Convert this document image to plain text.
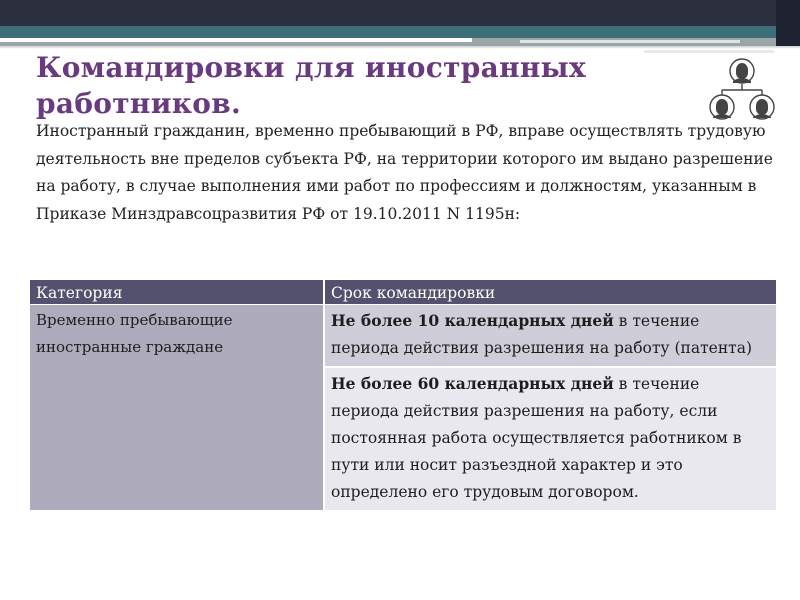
Командировки для иностранных работников.

Иностранный гражданин, временно пребывающий в РФ, вправе осуществлять трудовую деятельность вне пределов субъекта РФ, на территории которого им выдано разрешение на работу, в случае выполнения ими работ по профессиям и должностям, указанным в Приказе Минздравсоцразвития РФ от 19.10.2011 N 1195н:

Категория	Срок командировки
Временно пребывающие иностранные граждане	Не более 10 календарных дней в течение периода действия разрешения на работу (патента)
	Не более 60 календарных дней в течение периода действия разрешения на работу, если постоянная работа осуществляется работником в пути или носит разъездной характер и это определено его трудовым договором.
